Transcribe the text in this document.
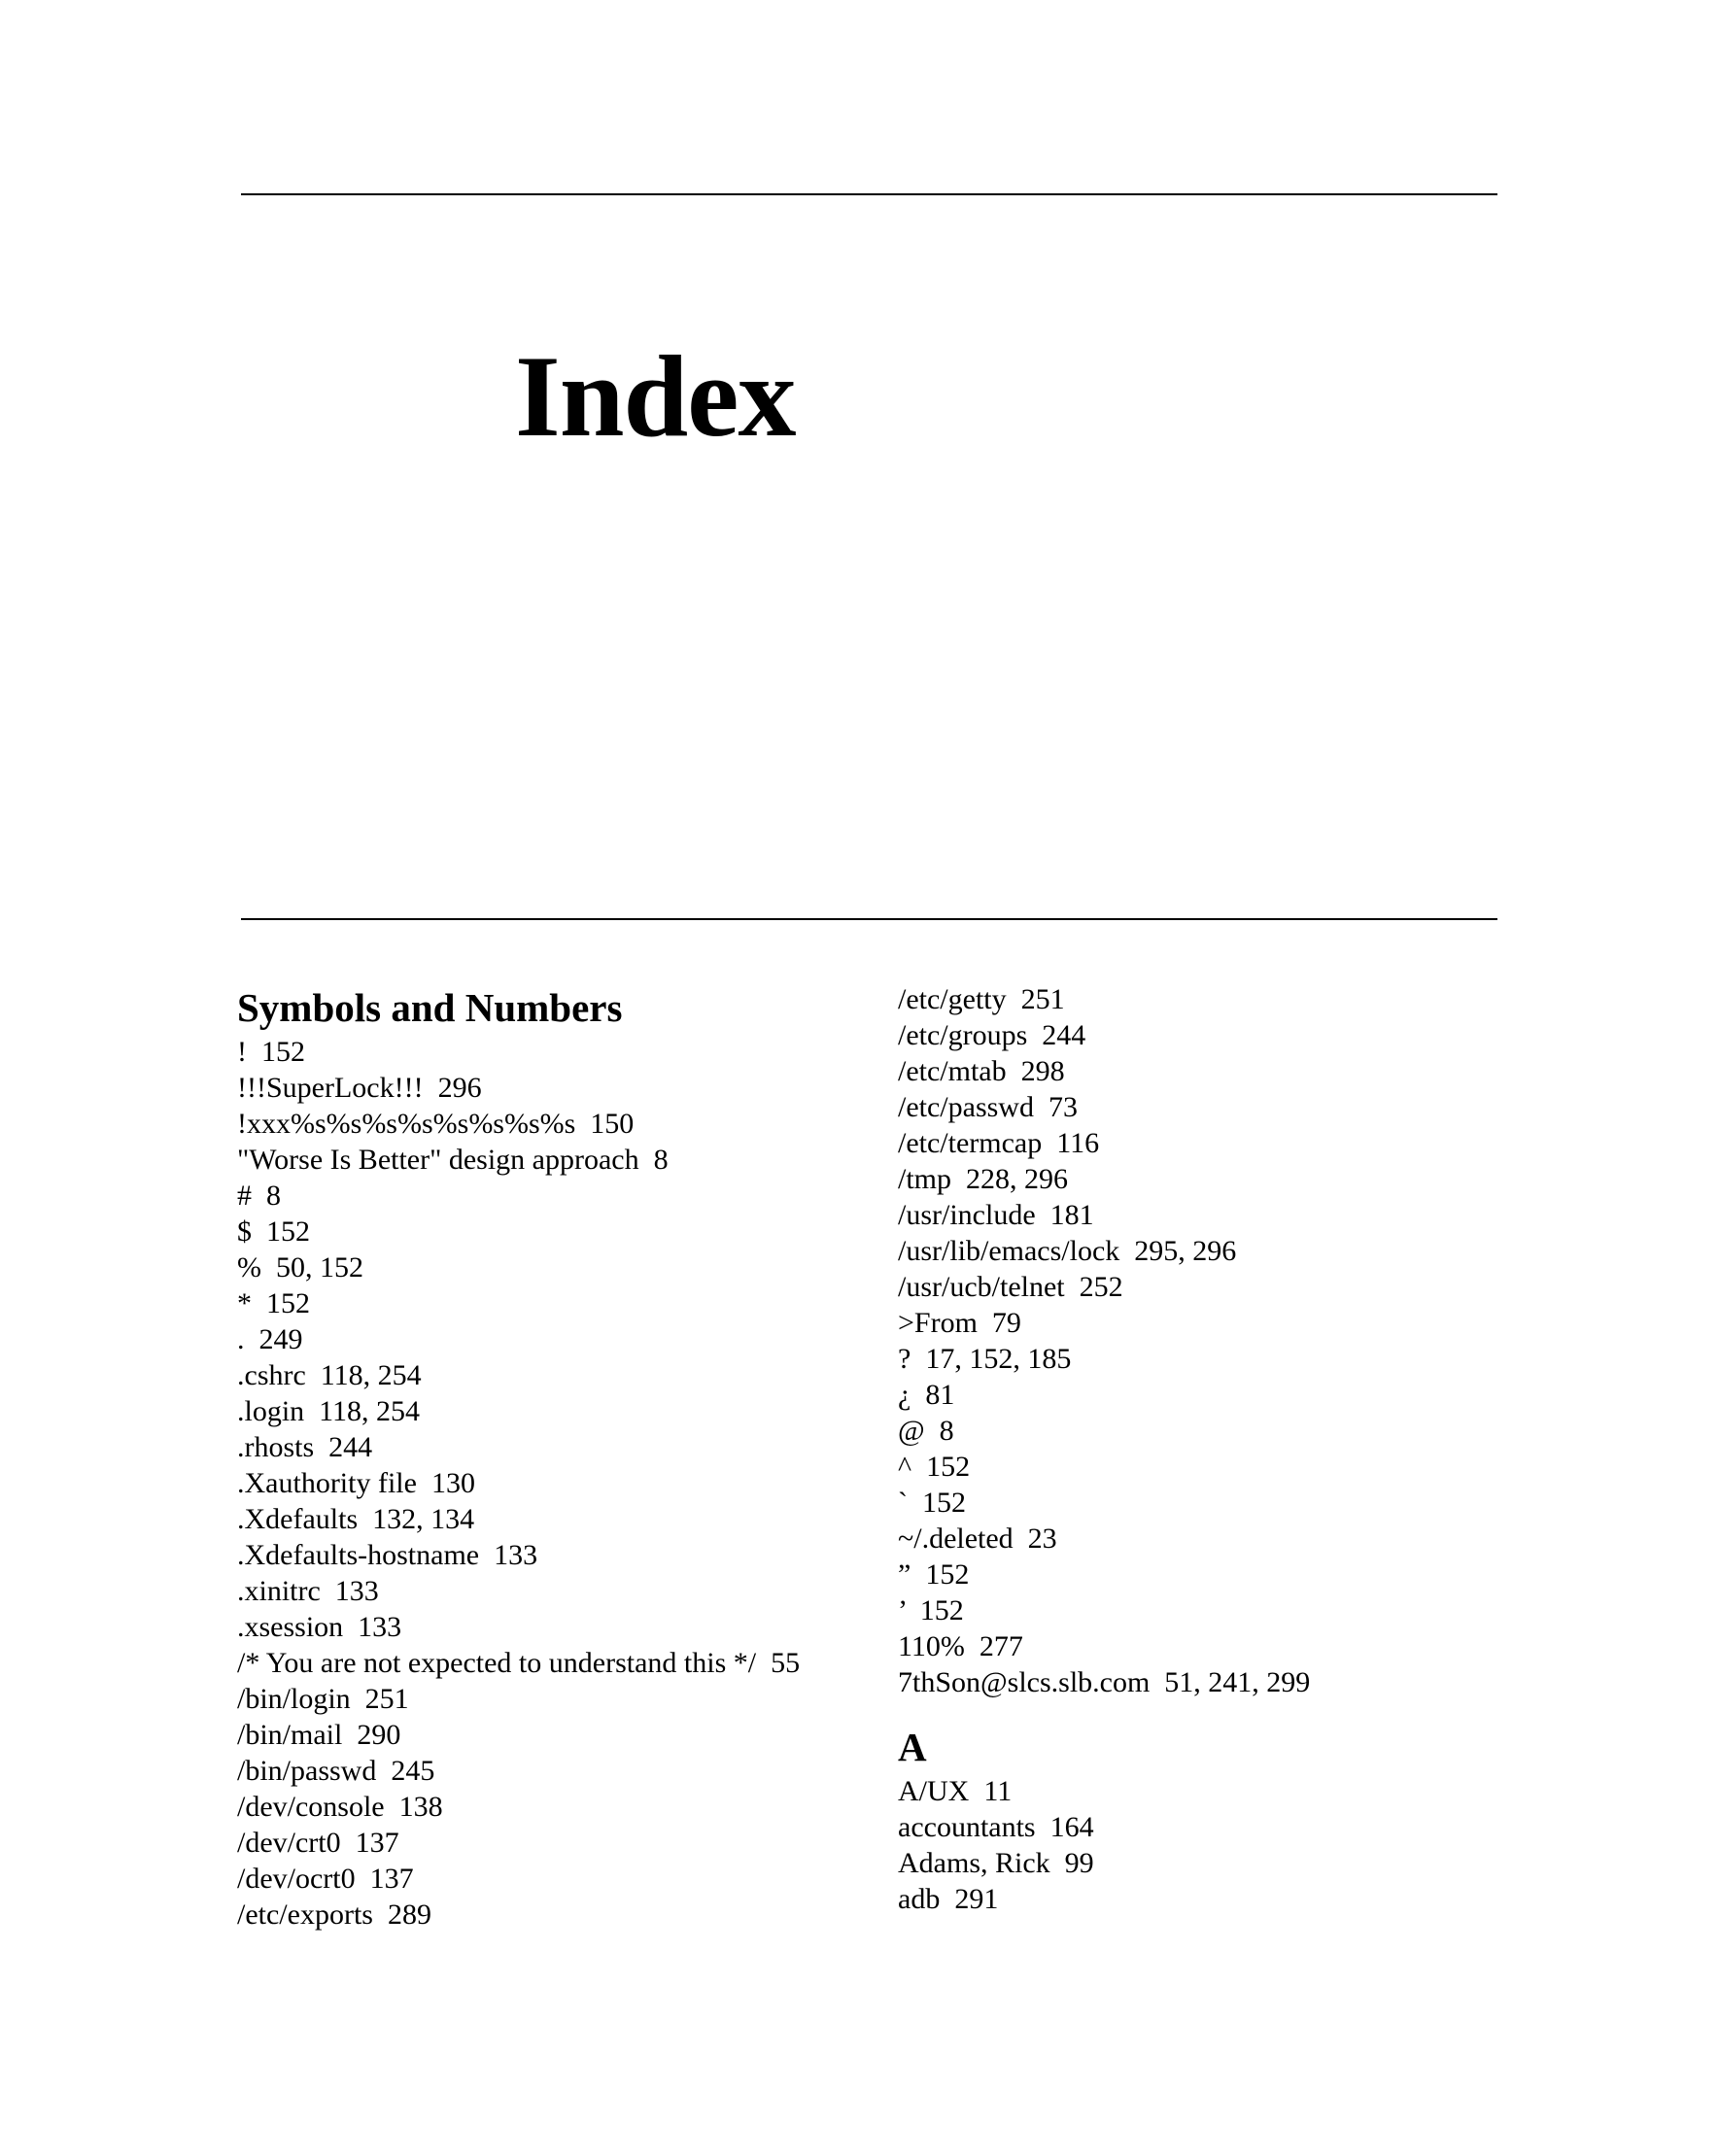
Index
Symbols and Numbers
!  152
!!!SuperLock!!!  296
!xxx%s%s%s%s%s%s%s%s  150
"Worse Is Better" design approach  8
#  8
$  152
%  50, 152
*  152
.  249
.cshrc  118, 254
.login  118, 254
.rhosts  244
.Xauthority file  130
.Xdefaults  132, 134
.Xdefaults-hostname  133
.xinitrc  133
.xsession  133
/* You are not expected to understand this */  55
/bin/login  251
/bin/mail  290
/bin/passwd  245
/dev/console  138
/dev/crt0  137
/dev/ocrt0  137
/etc/exports  289
/etc/getty  251
/etc/groups  244
/etc/mtab  298
/etc/passwd  73
/etc/termcap  116
/tmp  228, 296
/usr/include  181
/usr/lib/emacs/lock  295, 296
/usr/ucb/telnet  252
>From  79
?  17, 152, 185
¿  81
@  8
^  152
`  152
~/.deleted  23
”  152
’  152
110%  277
7thSon@slcs.slb.com  51, 241, 299
A
A/UX  11
accountants  164
Adams, Rick  99
adb  291
